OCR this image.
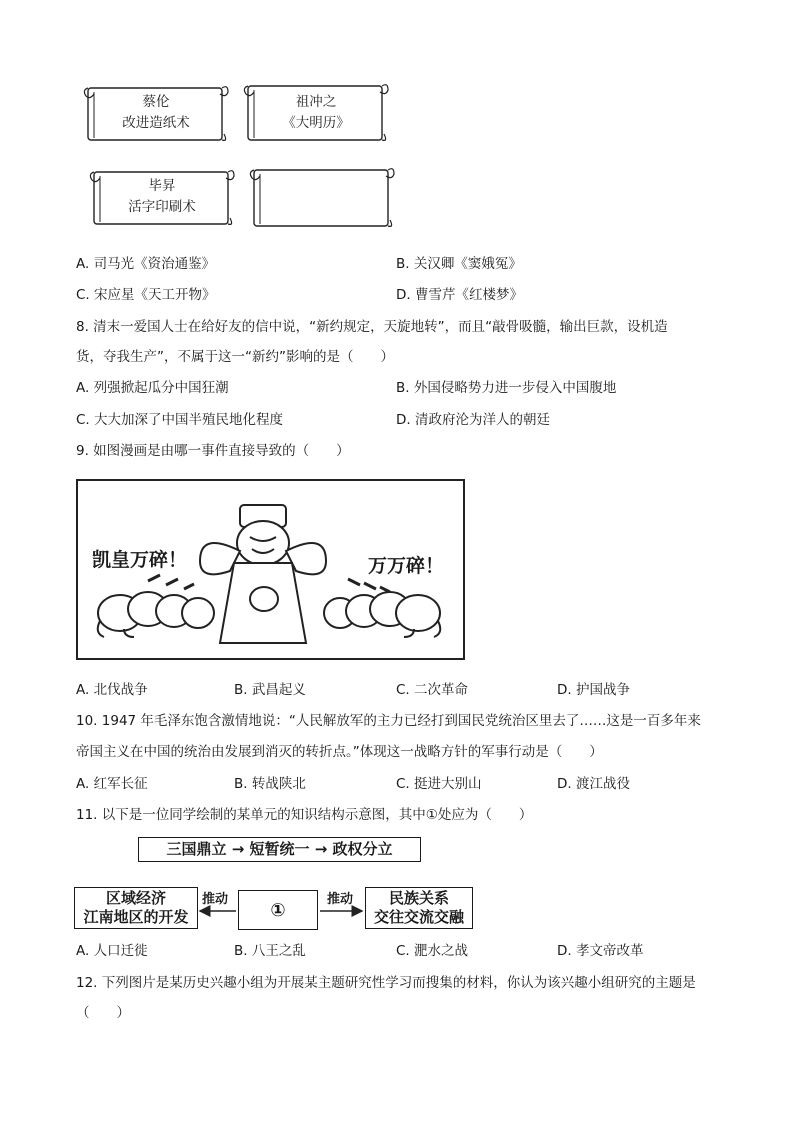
蔡伦
改进造纸术
祖冲之
《大明历》
毕昇
活字印刷术
A. 司马光《资治通鉴》	B. 关汉卿《窦娥冤》
C. 宋应星《天工开物》	D. 曹雪芹《红楼梦》
8. 清末一爱国人士在给好友的信中说，“新约规定，天旋地转”，而且“敲骨吸髓，输出巨款，设机造
货，夺我生产”，不属于这一“新约”影响的是（　　）
A. 列强掀起瓜分中国狂潮	B. 外国侵略势力进一步侵入中国腹地
C. 大大加深了中国半殖民地化程度	D. 清政府沦为洋人的朝廷
9. 如图漫画是由哪一事件直接导致的（　　）
凯皇万碎！	万万碎！
A. 北伐战争	B. 武昌起义	C. 二次革命	D. 护国战争
10. 1947 年毛泽东饱含激情地说：“人民解放军的主力已经打到国民党统治区里去了……这是一百多年来
帝国主义在中国的统治由发展到消灭的转折点。”体现这一战略方针的军事行动是（　　）
A. 红军长征	B. 转战陕北	C. 挺进大别山	D. 渡江战役
11. 以下是一位同学绘制的某单元的知识结构示意图，其中①处应为（　　）
三国鼎立 → 短暂统一 → 政权分立
区域经济
江南地区的开发	①
民族关系
交往交流交融
推动	推动
A. 人口迁徙	B. 八王之乱	C. 淝水之战	D. 孝文帝改革
12. 下列图片是某历史兴趣小组为开展某主题研究性学习而搜集的材料，你认为该兴趣小组研究的主题是
（　　）
